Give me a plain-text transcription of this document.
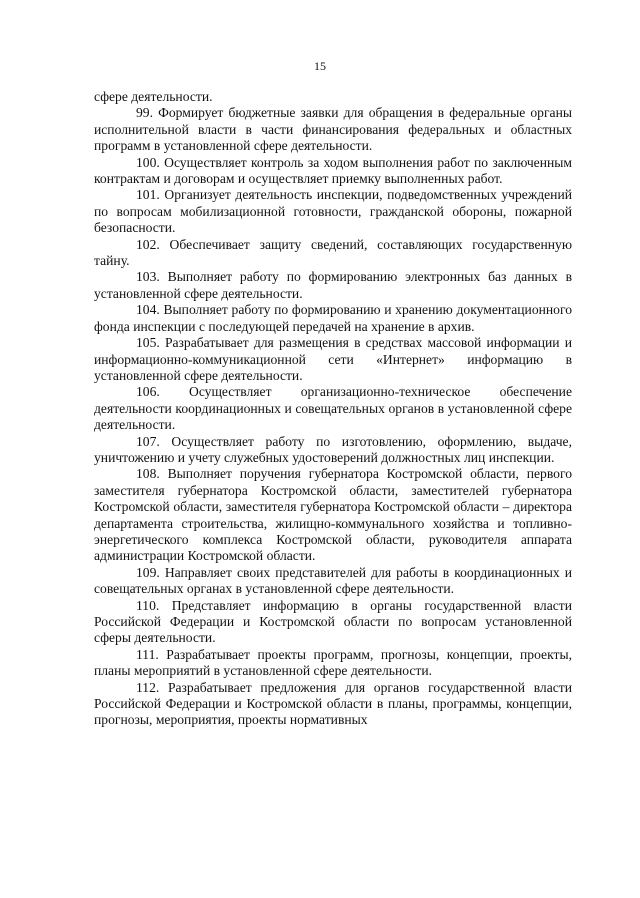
15

сфере деятельности.

99. Формирует бюджетные заявки для обращения в федеральные органы исполнительной власти в части финансирования федеральных и областных программ в установленной сфере деятельности.

100. Осуществляет контроль за ходом выполнения работ по заключенным контрактам и договорам и осуществляет приемку выполненных работ.

101. Организует деятельность инспекции, подведомственных учреждений по вопросам мобилизационной готовности, гражданской обороны, пожарной безопасности.

102. Обеспечивает защиту сведений, составляющих государственную тайну.

103. Выполняет работу по формированию электронных баз данных в установленной сфере деятельности.

104. Выполняет работу по формированию и хранению документационного фонда инспекции с последующей передачей на хранение в архив.

105. Разрабатывает для размещения в средствах массовой информации и информационно-коммуникационной сети «Интернет» информацию в установленной сфере деятельности.

106. Осуществляет организационно-техническое обеспечение деятельности координационных и совещательных органов в установленной сфере деятельности.

107. Осуществляет работу по изготовлению, оформлению, выдаче, уничтожению и учету служебных удостоверений должностных лиц инспекции.

108. Выполняет поручения губернатора Костромской области, первого заместителя губернатора Костромской области, заместителей губернатора Костромской области, заместителя губернатора Костромской области – директора департамента строительства, жилищно-коммунального хозяйства и топливно-энергетического комплекса Костромской области, руководителя аппарата администрации Костромской области.

109. Направляет своих представителей для работы в координационных и совещательных органах в установленной сфере деятельности.

110. Представляет информацию в органы государственной власти Российской Федерации и Костромской области по вопросам установленной сферы деятельности.

111. Разрабатывает проекты программ, прогнозы, концепции, проекты, планы мероприятий в установленной сфере деятельности.

112. Разрабатывает предложения для органов государственной власти Российской Федерации и Костромской области в планы, программы, концепции, прогнозы, мероприятия, проекты нормативных
